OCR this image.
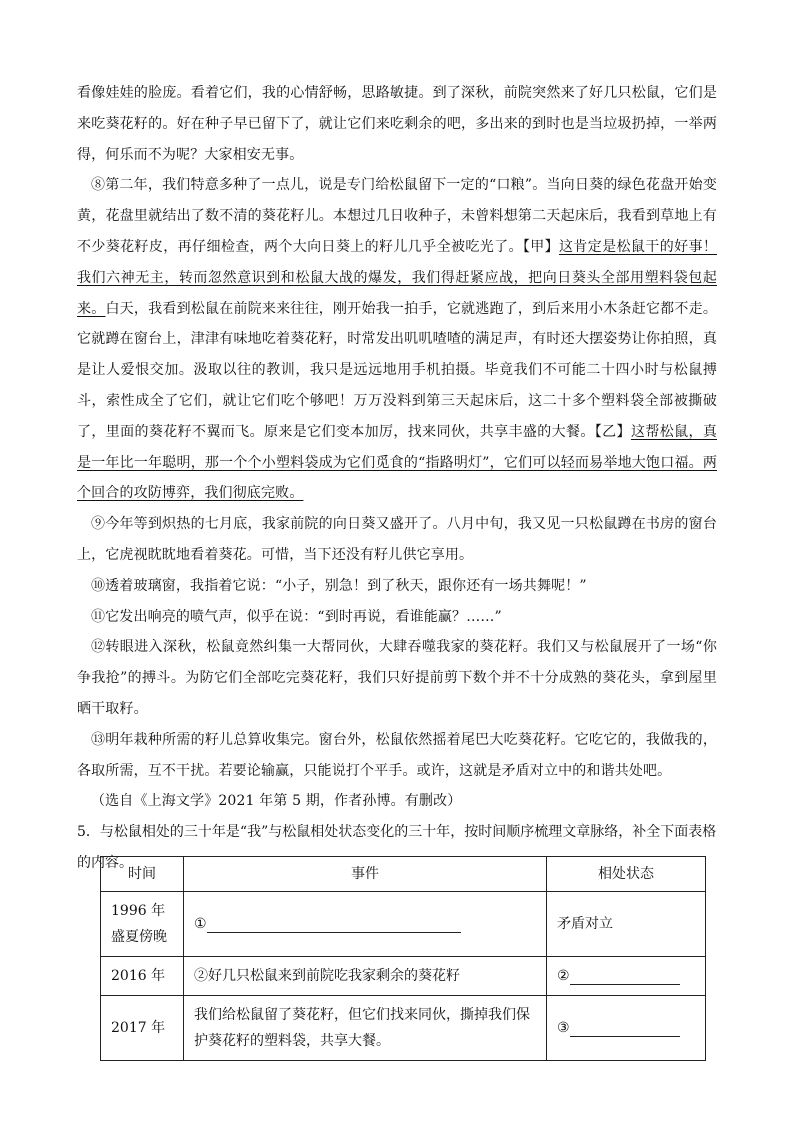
看像娃娃的脸庞。看着它们，我的心情舒畅，思路敏捷。到了深秋，前院突然来了好几只松鼠，它们是来吃葵花籽的。好在种子早已留下了，就让它们来吃剩余的吧，多出来的到时也是当垃圾扔掉，一举两得，何乐而不为呢？大家相安无事。

⑧第二年，我们特意多种了一点儿，说是专门给松鼠留下一定的“口粮”。当向日葵的绿色花盘开始变黄，花盘里就结出了数不清的葵花籽儿。本想过几日收种子，未曾料想第二天起床后，我看到草地上有不少葵花籽皮，再仔细检查，两个大向日葵上的籽儿几乎全被吃光了。【甲】这肯定是松鼠干的好事！我们六神无主，转而忽然意识到和松鼠大战的爆发，我们得赶紧应战，把向日葵头全部用塑料袋包起来。白天，我看到松鼠在前院来来往往，刚开始我一拍手，它就逃跑了，到后来用小木条赶它都不走。它就蹲在窗台上，津津有味地吃着葵花籽，时常发出叽叽喳喳的满足声，有时还大摆姿势让你拍照，真是让人爱恨交加。汲取以往的教训，我只是远远地用手机拍摄。毕竟我们不可能二十四小时与松鼠搏斗，索性成全了它们，就让它们吃个够吧！万万没料到第三天起床后，这二十多个塑料袋全部被撕破了，里面的葵花籽不翼而飞。原来是它们变本加厉，找来同伙，共享丰盛的大餐。【乙】这帮松鼠，真是一年比一年聪明，那一个个小塑料袋成为它们觅食的“指路明灯”，它们可以轻而易举地大饱口福。两个回合的攻防博弈，我们彻底完败。

⑨今年等到炽热的七月底，我家前院的向日葵又盛开了。八月中旬，我又见一只松鼠蹲在书房的窗台上，它虎视眈眈地看着葵花。可惜，当下还没有籽儿供它享用。

⑩透着玻璃窗，我指着它说：“小子，别急！到了秋天，跟你还有一场共舞呢！”

⑪它发出响亮的喷气声，似乎在说：“到时再说，看谁能赢？……”

⑫转眼进入深秋，松鼠竟然纠集一大帮同伙，大肆吞噬我家的葵花籽。我们又与松鼠展开了一场“你争我抢”的搏斗。为防它们全部吃完葵花籽，我们只好提前剪下数个并不十分成熟的葵花头，拿到屋里晒干取籽。

⑬明年栽种所需的籽儿总算收集完。窗台外，松鼠依然摇着尾巴大吃葵花籽。它吃它的，我做我的，各取所需，互不干扰。若要论输赢，只能说打个平手。或许，这就是矛盾对立中的和谐共处吧。

（选自《上海文学》2021 年第 5 期，作者孙博。有删改）

5．与松鼠相处的三十年是“我”与松鼠相处状态变化的三十年，按时间顺序梳理文章脉络，补全下面表格的内容。

时间	事件	相处状态
1996 年盛夏傍晚	①	矛盾对立
2016 年	②好几只松鼠来到前院吃我家剩余的葵花籽	②
2017 年	我们给松鼠留了葵花籽，但它们找来同伙，撕掉我们保护葵花籽的塑料袋，共享大餐。	③
